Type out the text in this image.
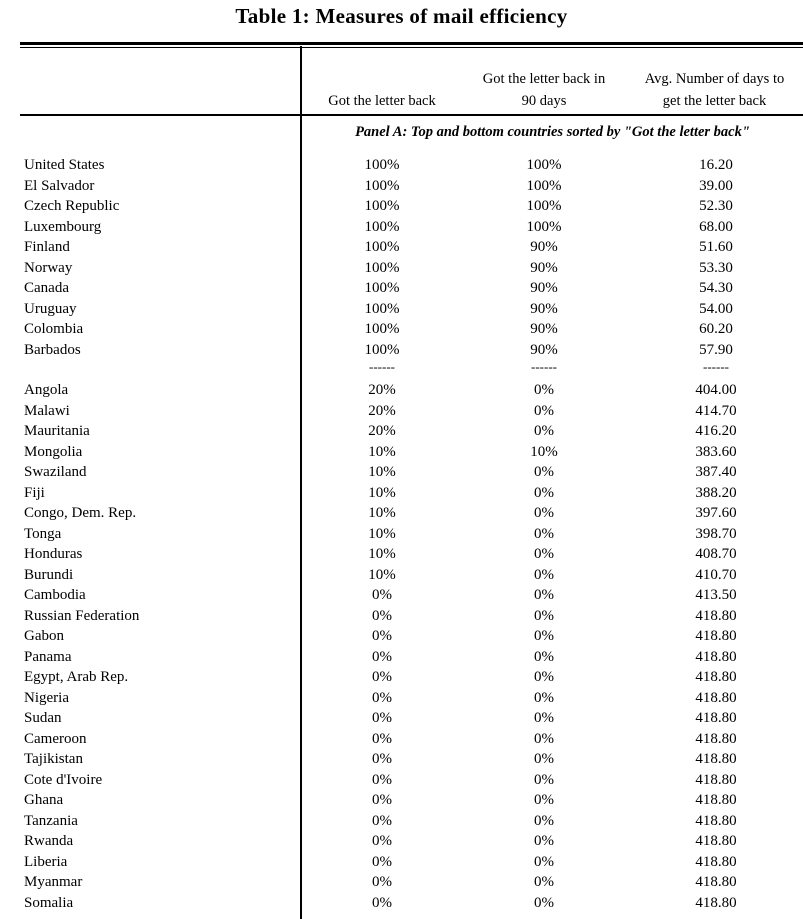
Table 1: Measures of mail efficiency
Got the letter back
Got the letter back in
90 days
Avg. Number of days to
get the letter back
Panel A: Top and bottom countries sorted by "Got the letter back"
United States	100%	100%	16.20
El Salvador	100%	100%	39.00
Czech Republic	100%	100%	52.30
Luxembourg	100%	100%	68.00
Finland	100%	90%	51.60
Norway	100%	90%	53.30
Canada	100%	90%	54.30
Uruguay	100%	90%	54.00
Colombia	100%	90%	60.20
Barbados	100%	90%	57.90
------	------	------
Angola	20%	0%	404.00
Malawi	20%	0%	414.70
Mauritania	20%	0%	416.20
Mongolia	10%	10%	383.60
Swaziland	10%	0%	387.40
Fiji	10%	0%	388.20
Congo, Dem. Rep.	10%	0%	397.60
Tonga	10%	0%	398.70
Honduras	10%	0%	408.70
Burundi	10%	0%	410.70
Cambodia	0%	0%	413.50
Russian Federation	0%	0%	418.80
Gabon	0%	0%	418.80
Panama	0%	0%	418.80
Egypt, Arab Rep.	0%	0%	418.80
Nigeria	0%	0%	418.80
Sudan	0%	0%	418.80
Cameroon	0%	0%	418.80
Tajikistan	0%	0%	418.80
Cote d'Ivoire	0%	0%	418.80
Ghana	0%	0%	418.80
Tanzania	0%	0%	418.80
Rwanda	0%	0%	418.80
Liberia	0%	0%	418.80
Myanmar	0%	0%	418.80
Somalia	0%	0%	418.80
